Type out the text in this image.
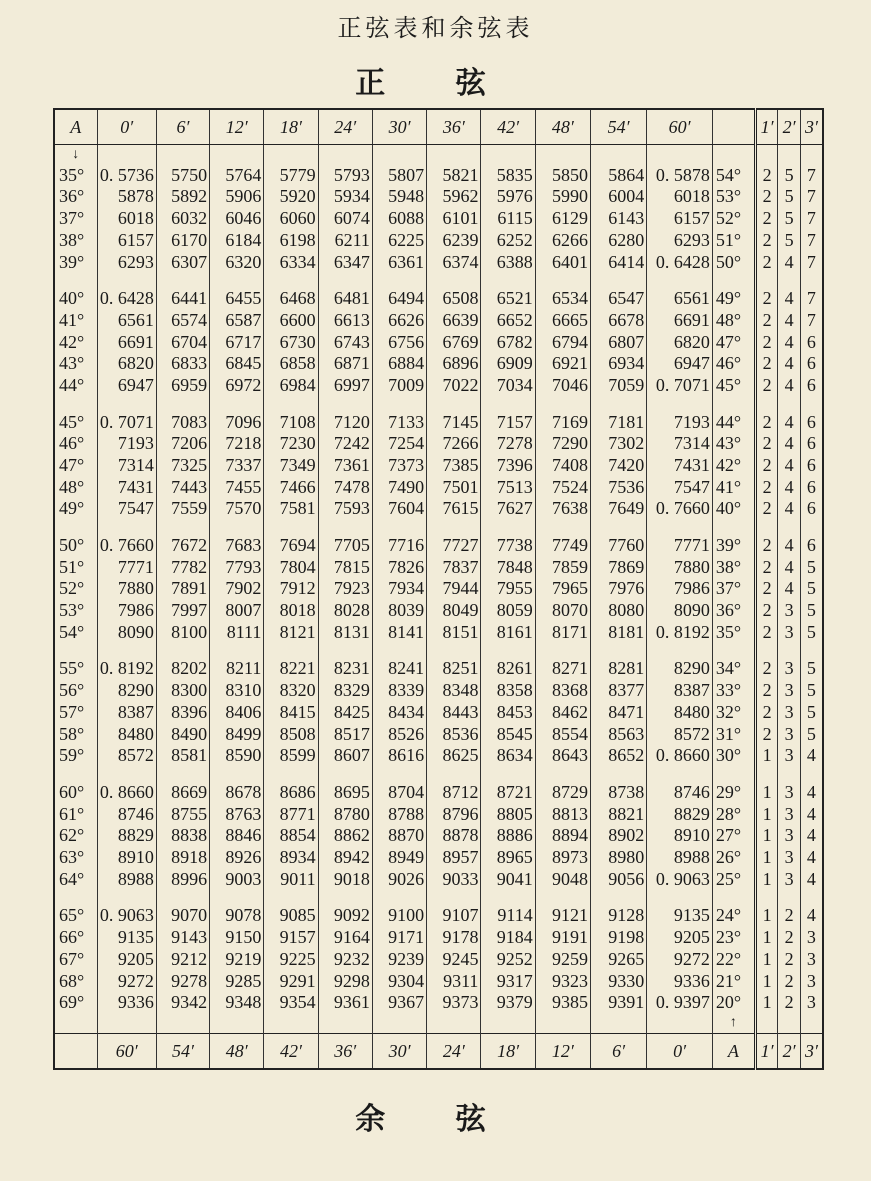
正弦表和余弦表
正 弦
A	0′	6′	12′	18′	24′	30′	36′	42′	48′	54′	60′		1′	2′	3′
↓															
35°	0. 5736	5750	5764	5779	5793	5807	5821	5835	5850	5864	0. 5878	54°	2	5	7
36°	5878	5892	5906	5920	5934	5948	5962	5976	5990	6004	6018	53°	2	5	7
37°	6018	6032	6046	6060	6074	6088	6101	6115	6129	6143	6157	52°	2	5	7
38°	6157	6170	6184	6198	6211	6225	6239	6252	6266	6280	6293	51°	2	5	7
39°	6293	6307	6320	6334	6347	6361	6374	6388	6401	6414	0. 6428	50°	2	4	7

40°	0. 6428	6441	6455	6468	6481	6494	6508	6521	6534	6547	6561	49°	2	4	7
41°	6561	6574	6587	6600	6613	6626	6639	6652	6665	6678	6691	48°	2	4	7
42°	6691	6704	6717	6730	6743	6756	6769	6782	6794	6807	6820	47°	2	4	6
43°	6820	6833	6845	6858	6871	6884	6896	6909	6921	6934	6947	46°	2	4	6
44°	6947	6959	6972	6984	6997	7009	7022	7034	7046	7059	0. 7071	45°	2	4	6

45°	0. 7071	7083	7096	7108	7120	7133	7145	7157	7169	7181	7193	44°	2	4	6
46°	7193	7206	7218	7230	7242	7254	7266	7278	7290	7302	7314	43°	2	4	6
47°	7314	7325	7337	7349	7361	7373	7385	7396	7408	7420	7431	42°	2	4	6
48°	7431	7443	7455	7466	7478	7490	7501	7513	7524	7536	7547	41°	2	4	6
49°	7547	7559	7570	7581	7593	7604	7615	7627	7638	7649	0. 7660	40°	2	4	6

50°	0. 7660	7672	7683	7694	7705	7716	7727	7738	7749	7760	7771	39°	2	4	6
51°	7771	7782	7793	7804	7815	7826	7837	7848	7859	7869	7880	38°	2	4	5
52°	7880	7891	7902	7912	7923	7934	7944	7955	7965	7976	7986	37°	2	4	5
53°	7986	7997	8007	8018	8028	8039	8049	8059	8070	8080	8090	36°	2	3	5
54°	8090	8100	8111	8121	8131	8141	8151	8161	8171	8181	0. 8192	35°	2	3	5

55°	0. 8192	8202	8211	8221	8231	8241	8251	8261	8271	8281	8290	34°	2	3	5
56°	8290	8300	8310	8320	8329	8339	8348	8358	8368	8377	8387	33°	2	3	5
57°	8387	8396	8406	8415	8425	8434	8443	8453	8462	8471	8480	32°	2	3	5
58°	8480	8490	8499	8508	8517	8526	8536	8545	8554	8563	8572	31°	2	3	5
59°	8572	8581	8590	8599	8607	8616	8625	8634	8643	8652	0. 8660	30°	1	3	4

60°	0. 8660	8669	8678	8686	8695	8704	8712	8721	8729	8738	8746	29°	1	3	4
61°	8746	8755	8763	8771	8780	8788	8796	8805	8813	8821	8829	28°	1	3	4
62°	8829	8838	8846	8854	8862	8870	8878	8886	8894	8902	8910	27°	1	3	4
63°	8910	8918	8926	8934	8942	8949	8957	8965	8973	8980	8988	26°	1	3	4
64°	8988	8996	9003	9011	9018	9026	9033	9041	9048	9056	0. 9063	25°	1	3	4

65°	0. 9063	9070	9078	9085	9092	9100	9107	9114	9121	9128	9135	24°	1	2	4
66°	9135	9143	9150	9157	9164	9171	9178	9184	9191	9198	9205	23°	1	2	3
67°	9205	9212	9219	9225	9232	9239	9245	9252	9259	9265	9272	22°	1	2	3
68°	9272	9278	9285	9291	9298	9304	9311	9317	9323	9330	9336	21°	1	2	3
69°	9336	9342	9348	9354	9361	9367	9373	9379	9385	9391	0. 9397	20°	1	2	3
												↑			
	60′	54′	48′	42′	36′	30′	24′	18′	12′	6′	0′	A	1′	2′	3′
余 弦
